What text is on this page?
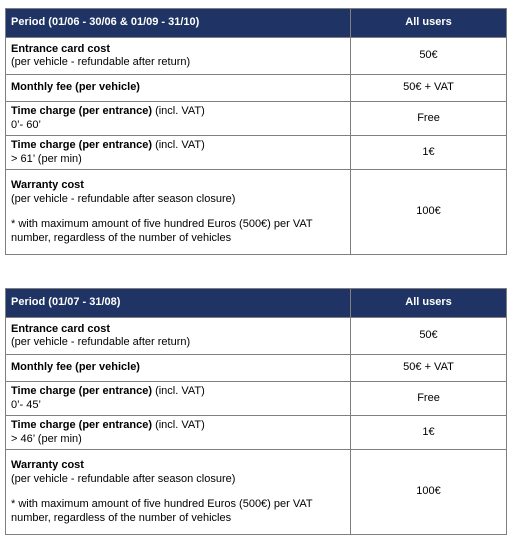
Period (01/06 - 30/06 & 01/09 - 31/10)	All users
Entrance card cost
(per vehicle - refundable after return)	50€
Monthly fee (per vehicle)	50€ + VAT
Time charge (per entrance) (incl. VAT)
0’- 60’	Free
Time charge (per entrance) (incl. VAT)
> 61’ (per min)	1€
Warranty cost
(per vehicle - refundable after season closure)
* with maximum amount of five hundred Euros (500€) per VAT number, regardless of the number of vehicles	100€
Period (01/07 - 31/08)	All users
Entrance card cost
(per vehicle - refundable after return)	50€
Monthly fee (per vehicle)	50€ + VAT
Time charge (per entrance) (incl. VAT)
0’- 45’	Free
Time charge (per entrance) (incl. VAT)
> 46’ (per min)	1€
Warranty cost
(per vehicle - refundable after season closure)
* with maximum amount of five hundred Euros (500€) per VAT number, regardless of the number of vehicles	100€
